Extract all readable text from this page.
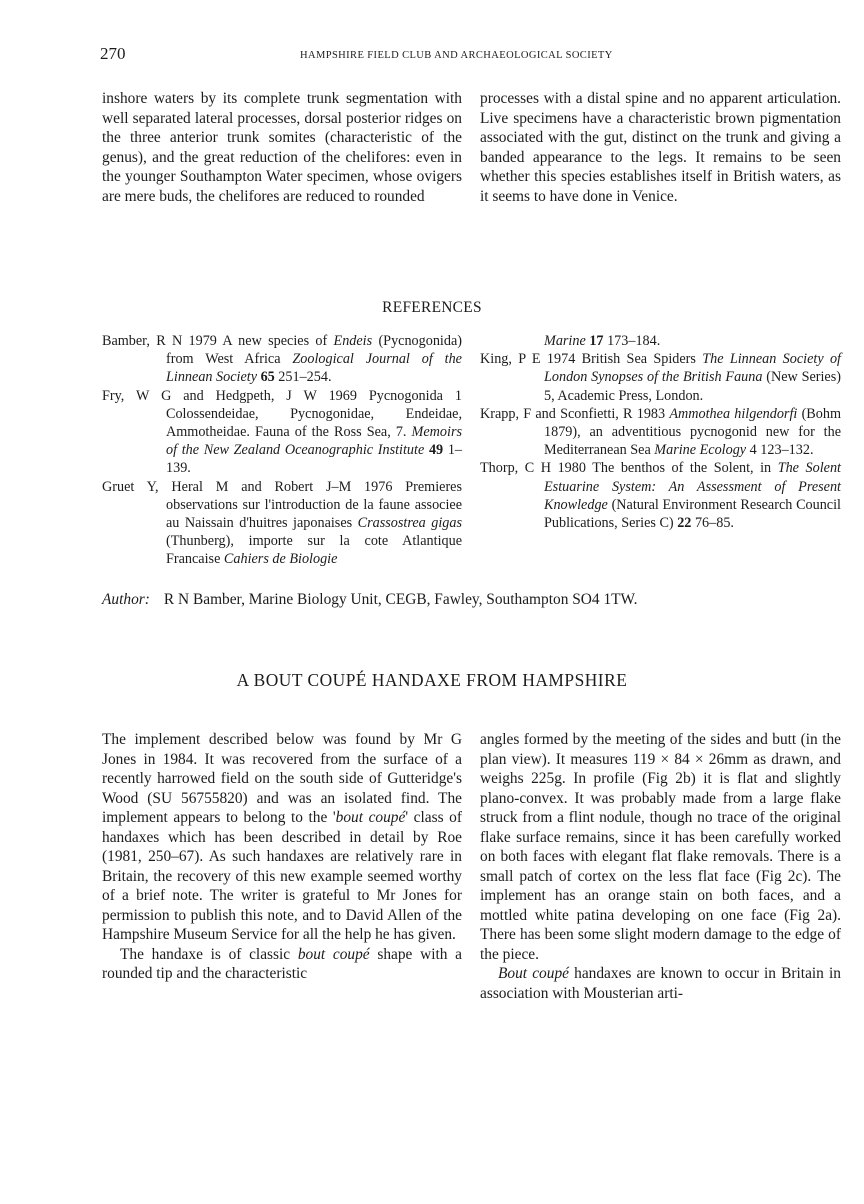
270	HAMPSHIRE FIELD CLUB AND ARCHAEOLOGICAL SOCIETY

inshore waters by its complete trunk segmentation with well separated lateral processes, dorsal posterior ridges on the three anterior trunk somites (characteristic of the genus), and the great reduction of the chelifores: even in the younger Southampton Water specimen, whose ovigers are mere buds, the chelifores are reduced to rounded

processes with a distal spine and no apparent articulation. Live specimens have a characteristic brown pigmentation associated with the gut, distinct on the trunk and giving a banded appearance to the legs. It remains to be seen whether this species establishes itself in British waters, as it seems to have done in Venice.

REFERENCES

Bamber, R N 1979 A new species of Endeis (Pycnogonida) from West Africa Zoological Journal of the Linnean Society 65 251–254.

Fry, W G and Hedgpeth, J W 1969 Pycnogonida 1 Colossendeidae, Pycnogonidae, Endeidae, Ammotheidae. Fauna of the Ross Sea, 7. Memoirs of the New Zealand Oceanographic Institute 49 1–139.

Gruet Y, Heral M and Robert J–M 1976 Premieres observations sur l'introduction de la faune associee au Naissain d'huitres japonaises Crassostrea gigas (Thunberg), importe sur la cote Atlantique Francaise Cahiers de Biologie

Marine 17 173–184.

King, P E 1974 British Sea Spiders The Linnean Society of London Synopses of the British Fauna (New Series) 5, Academic Press, London.

Krapp, F and Sconfietti, R 1983 Ammothea hilgendorfi (Bohm 1879), an adventitious pycnogonid new for the Mediterranean Sea Marine Ecology 4 123–132.

Thorp, C H 1980 The benthos of the Solent, in The Solent Estuarine System: An Assessment of Present Knowledge (Natural Environment Research Council Publications, Series C) 22 76–85.

Author: R N Bamber, Marine Biology Unit, CEGB, Fawley, Southampton SO4 1TW.
A BOUT COUPÉ HANDAXE FROM HAMPSHIRE

The implement described below was found by Mr G Jones in 1984. It was recovered from the surface of a recently harrowed field on the south side of Gutteridge's Wood (SU 56755820) and was an isolated find. The implement appears to belong to the 'bout coupé' class of handaxes which has been described in detail by Roe (1981, 250–67). As such handaxes are relatively rare in Britain, the recovery of this new example seemed worthy of a brief note. The writer is grateful to Mr Jones for permission to publish this note, and to David Allen of the Hampshire Museum Service for all the help he has given.

The handaxe is of classic bout coupé shape with a rounded tip and the characteristic

angles formed by the meeting of the sides and butt (in the plan view). It measures 119 × 84 × 26mm as drawn, and weighs 225g. In profile (Fig 2b) it is flat and slightly plano-convex. It was probably made from a large flake struck from a flint nodule, though no trace of the original flake surface remains, since it has been carefully worked on both faces with elegant flat flake removals. There is a small patch of cortex on the less flat face (Fig 2c). The implement has an orange stain on both faces, and a mottled white patina developing on one face (Fig 2a). There has been some slight modern damage to the edge of the piece.

Bout coupé handaxes are known to occur in Britain in association with Mousterian arti-
